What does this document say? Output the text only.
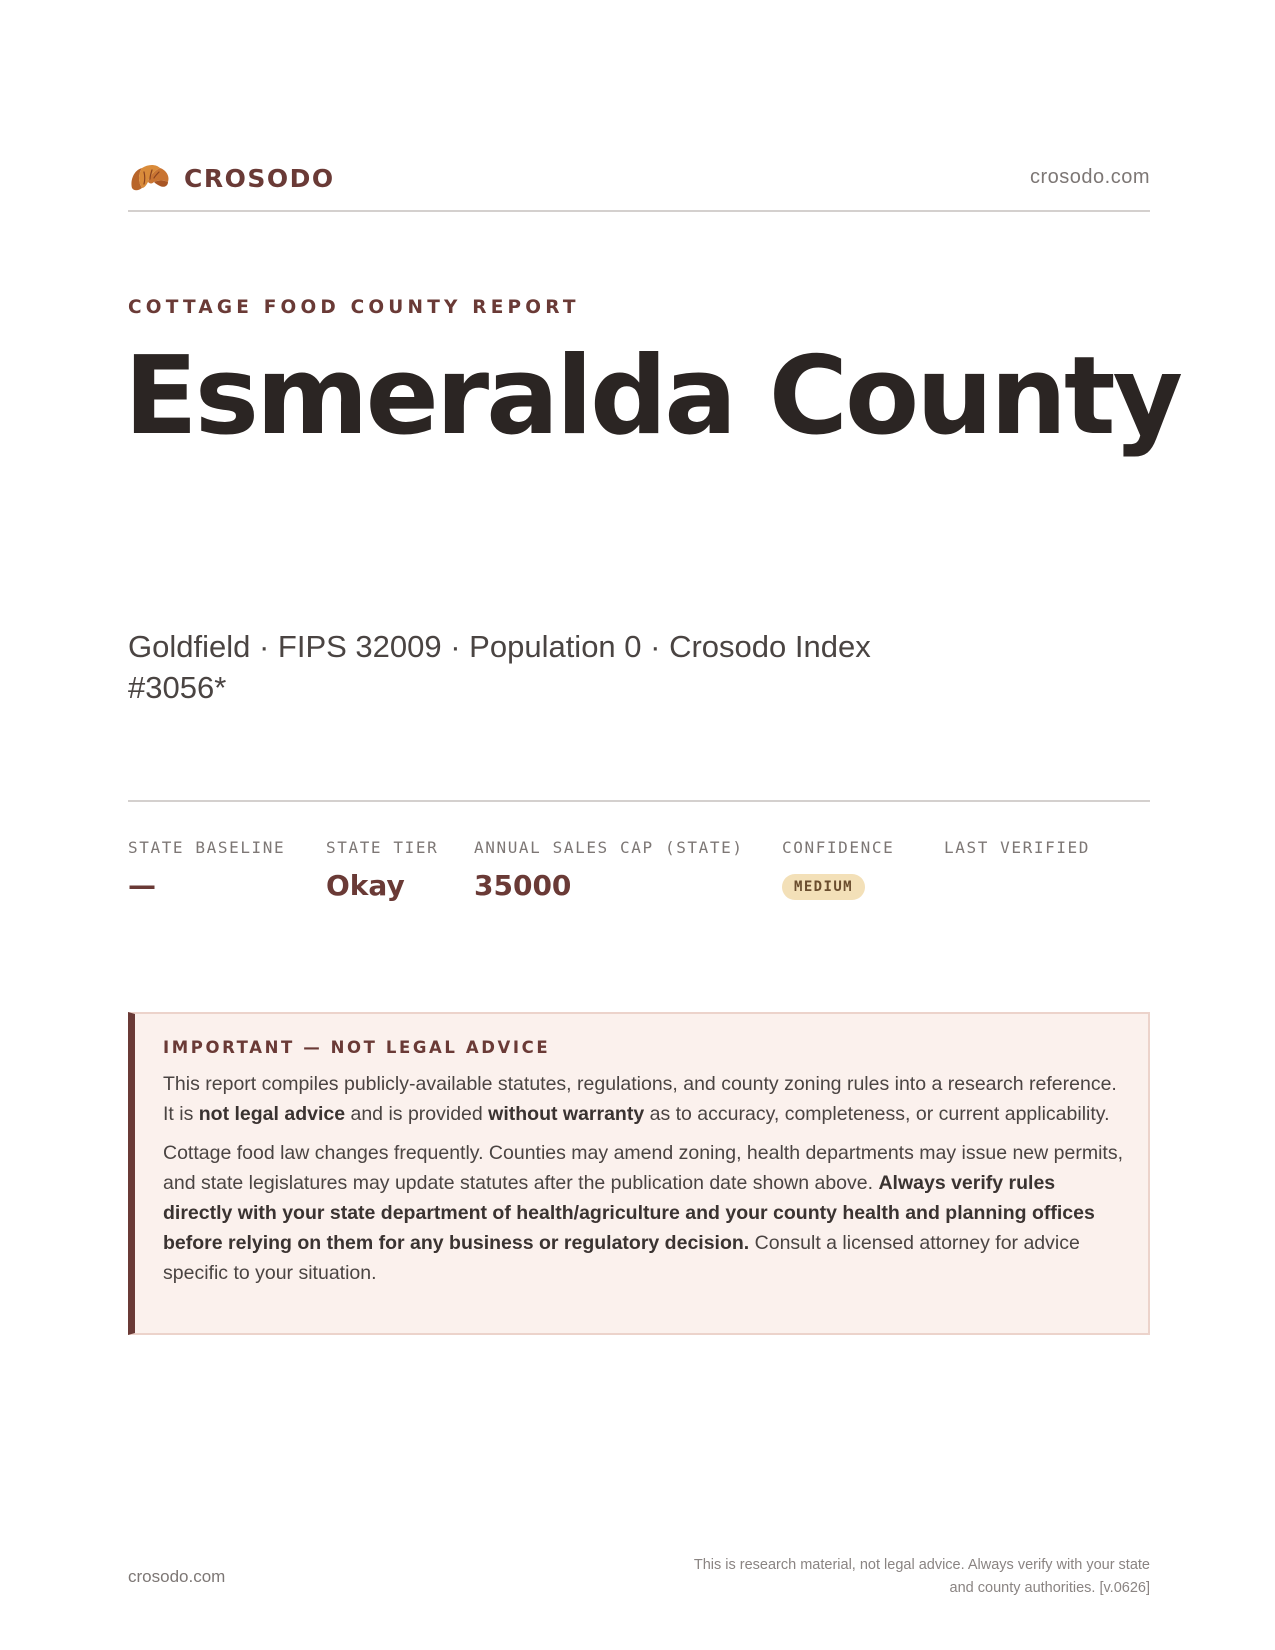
CROSODO	crosodo.com
COTTAGE FOOD COUNTY REPORT
Esmeralda County
Goldfield · FIPS 32009 · Population 0 · Crosodo Index #3056*
STATE BASELINE
—
STATE TIER
Okay
ANNUAL SALES CAP (STATE)
35000
CONFIDENCE
MEDIUM
LAST VERIFIED
IMPORTANT — NOT LEGAL ADVICE

This report compiles publicly-available statutes, regulations, and county zoning rules into a research reference. It is not legal advice and is provided without warranty as to accuracy, completeness, or current applicability.

Cottage food law changes frequently. Counties may amend zoning, health departments may issue new permits, and state legislatures may update statutes after the publication date shown above. Always verify rules directly with your state department of health/agriculture and your county health and planning offices before relying on them for any business or regulatory decision. Consult a licensed attorney for advice specific to your situation.

crosodo.com
This is research material, not legal advice. Always verify with your state
and county authorities. [v.0626]
